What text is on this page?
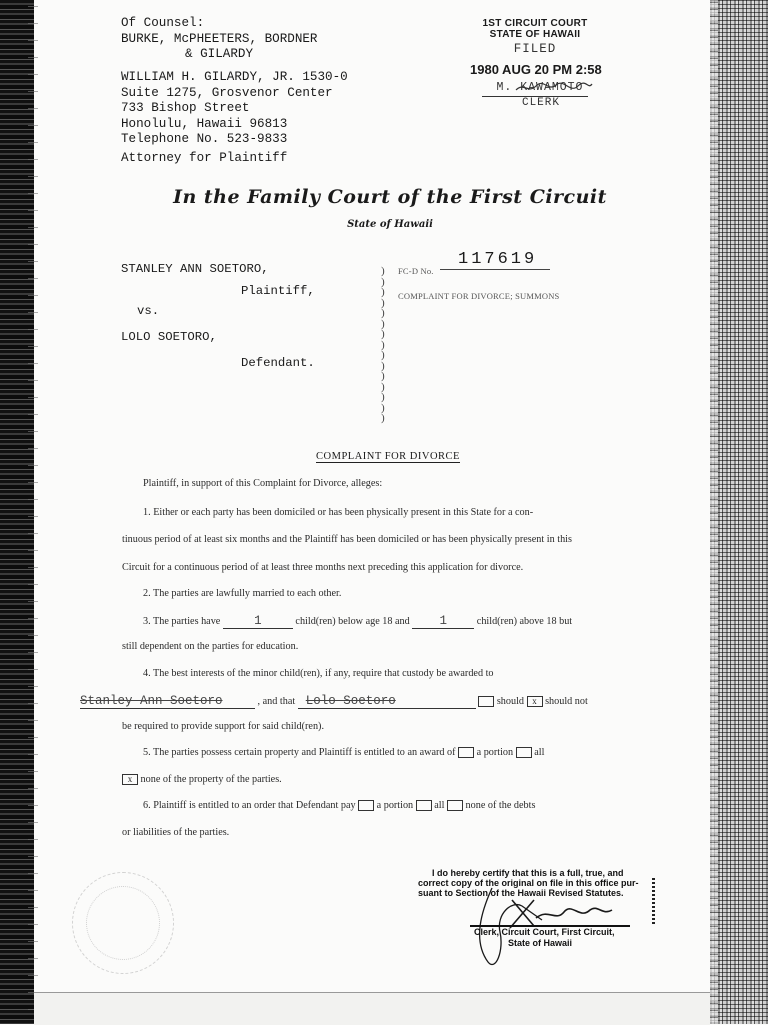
Of Counsel:
BURKE, McPHEETERS, BORDNER
& GILARDY
WILLIAM H. GILARDY, JR. 1530-0
Suite 1275, Grosvenor Center
733 Bishop Street
Honolulu, Hawaii 96813
Telephone No. 523-9833
Attorney for Plaintiff
1ST CIRCUIT COURT
STATE OF HAWAII
FILED
1980 AUG 20 PM 2:58
M. KAWAMOTO
CLERK
In the Family Court of the First Circuit
State of Hawaii
STANLEY ANN SOETORO,
Plaintiff,
vs.
LOLO SOETORO,
Defendant.
)
)
)
)
)
)
)
)
)
)
)
)
)
)
)
FC-D No.
117619
COMPLAINT FOR DIVORCE; SUMMONS
COMPLAINT FOR DIVORCE
Plaintiff, in support of this Complaint for Divorce, alleges:
1. Either or each party has been domiciled or has been physically present in this State for a con-
tinuous period of at least six months and the Plaintiff has been domiciled or has been physically present in this
Circuit for a continuous period of at least three months next preceding this application for divorce.
2. The parties are lawfully married to each other.
3. The parties have	1	child(ren) below age 18 and 1	child(ren) above 18 but
still dependent on the parties for education.
4. The best interests of the minor child(ren), if any, require that custody be awarded to
Stanley Ann Soetoro	, and that Lolo Soetoro	should x should not
be required to provide support for said child(ren).
5. The parties possess certain property and Plaintiff is entitled to an award of a portion all
x none of the property of the parties.
6. Plaintiff is entitled to an order that Defendant pay a portion all none of the debts
or liabilities of the parties.
I do hereby certify that this is a full, true, and
correct copy of the original on file in this office pur-
suant to Section of the Hawaii Revised Statutes.
Clerk, Circuit Court, First Circuit,
State of Hawaii
